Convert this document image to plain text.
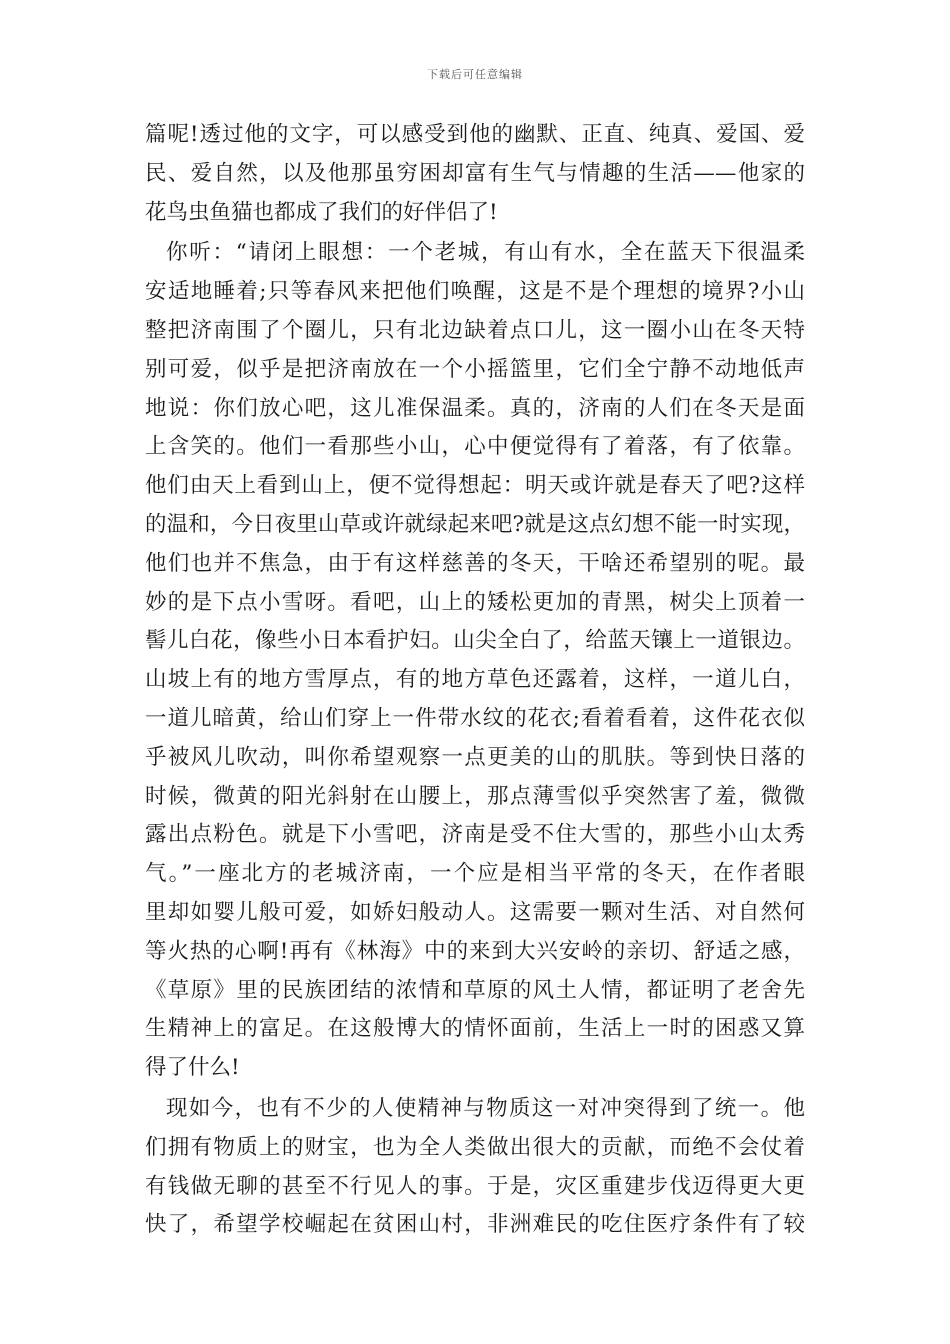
下载后可任意编辑
篇呢!透过他的文字，可以感受到他的幽默、正直、纯真、爱国、爱
民、爱自然，以及他那虽穷困却富有生气与情趣的生活——他家的
花鸟虫鱼猫也都成了我们的好伴侣了!
你听：“请闭上眼想：一个老城，有山有水，全在蓝天下很温柔
安适地睡着;只等春风来把他们唤醒，这是不是个理想的境界?小山
整把济南围了个圈儿，只有北边缺着点口儿，这一圈小山在冬天特
别可爱，似乎是把济南放在一个小摇篮里，它们全宁静不动地低声
地说：你们放心吧，这儿准保温柔。真的，济南的人们在冬天是面
上含笑的。他们一看那些小山，心中便觉得有了着落，有了依靠。
他们由天上看到山上，便不觉得想起：明天或许就是春天了吧?这样
的温和，今日夜里山草或许就绿起来吧?就是这点幻想不能一时实现，
他们也并不焦急，由于有这样慈善的冬天，干啥还希望别的呢。最
妙的是下点小雪呀。看吧，山上的矮松更加的青黑，树尖上顶着一
髻儿白花，像些小日本看护妇。山尖全白了，给蓝天镶上一道银边。
山坡上有的地方雪厚点，有的地方草色还露着，这样，一道儿白，
一道儿暗黄，给山们穿上一件带水纹的花衣;看着看着，这件花衣似
乎被风儿吹动，叫你希望观察一点更美的山的肌肤。等到快日落的
时候，微黄的阳光斜射在山腰上，那点薄雪似乎突然害了羞，微微
露出点粉色。就是下小雪吧，济南是受不住大雪的，那些小山太秀
气。”一座北方的老城济南，一个应是相当平常的冬天，在作者眼
里却如婴儿般可爱，如娇妇般动人。这需要一颗对生活、对自然何
等火热的心啊!再有《林海》中的来到大兴安岭的亲切、舒适之感，
《草原》里的民族团结的浓情和草原的风土人情，都证明了老舍先
生精神上的富足。在这般博大的情怀面前，生活上一时的困惑又算
得了什么!
现如今，也有不少的人使精神与物质这一对冲突得到了统一。他
们拥有物质上的财宝，也为全人类做出很大的贡献，而绝不会仗着
有钱做无聊的甚至不行见人的事。于是，灾区重建步伐迈得更大更
快了，希望学校崛起在贫困山村，非洲难民的吃住医疗条件有了较
